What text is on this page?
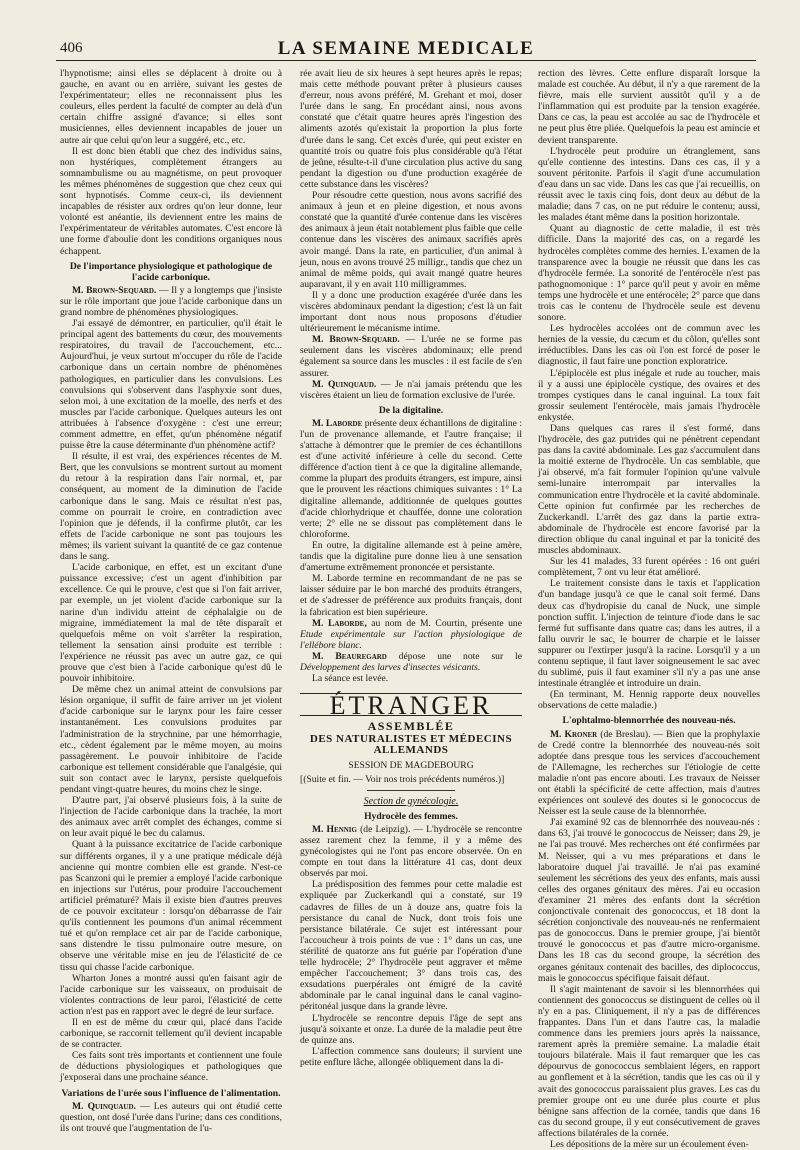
406	LA SEMAINE MEDICALE

l'hypnotisme; ainsi elles se déplacent à droite ou à gauche, en avant ou en arrière, suivant les gestes de l'expérimentateur; elles ne reconnaissent plus les couleurs, elles perdent la faculté de compter au delà d'un certain chiffre assigné d'avance; si elles sont musiciennes, elles deviennent incapables de jouer un autre air que celui qu'on leur a suggéré, etc., etc.

Il est donc bien établi que chez des individus sains, non hystériques, complètement étrangers au somnambulisme ou au magnétisme, on peut provoquer les mêmes phénomènes de suggestion que chez ceux qui sont hypnotisés. Comme ceux-ci, ils deviennent incapables de résister aux ordres qu'on leur donne, leur volonté est anéantie, ils deviennent entre les mains de l'expérimentateur de véritables automates. C'est encore là une forme d'aboulie dont les conditions organiques nous échappent.

De l'importance physiologique et pathologique de l'acide carbonique.

M. Brown-Sequard. — Il y a longtemps que j'insiste sur le rôle important que joue l'acide carbonique dans un grand nombre de phénomènes physiologiques.

J'ai essayé de démontrer, en particulier, qu'il était le principal agent des battements du cœur, des mouvements respiratoires, du travail de l'accouchement, etc... Aujourd'hui, je veux surtout m'occuper du rôle de l'acide carbonique dans un certain nombre de phénomènes pathologiques, en particulier dans les convulsions. Les convulsions qui s'observent dans l'asphyxie sont dues, selon moi, à une excitation de la moelle, des nerfs et des muscles par l'acide carbonique. Quelques auteurs les ont attribuées à l'absence d'oxygène : c'est une erreur; comment admettre, en effet, qu'un phénomène négatif puisse être la cause déterminante d'un phénomène actif?

Il résulte, il est vrai, des expériences récentes de M. Bert, que les convulsions se montrent surtout au moment du retour à la respiration dans l'air normal, et, par conséquent, au moment de la diminution de l'acide carbonique dans le sang. Mais ce résultat n'est pas, comme on pourrait le croire, en contradiction avec l'opinion que je défends, il la confirme plutôt, car les effets de l'acide carbonique ne sont pas toujours les mêmes; ils varient suivant la quantité de ce gaz contenue dans le sang.

L'acide carbonique, en effet, est un excitant d'une puissance excessive; c'est un agent d'inhibition par excellence. Ce qui le prouve, c'est que si l'on fait arriver, par exemple, un jet violent d'acide carbonique sur la narine d'un individu atteint de céphalalgie ou de migraine, immédiatement la mal de tête disparaît et quelquefois même on voit s'arrêter la respiration, tellement la sensation ainsi produite est terrible : l'expérience ne réussit pas avec un autre gaz, ce qui prouve que c'est bien à l'acide carbonique qu'est dû le pouvoir inhibitoire.

De même chez un animal atteint de convulsions par lésion organique, il suffit de faire arriver un jet violent d'acide carbonique sur le larynx pour les faire cesser instantanément. Les convulsions produites par l'administration de la strychnine, par une hémorrhagie, etc., cèdent également par le même moyen, au moins passagèrement. Le pouvoir inhibitoire de l'acide carbonique est tellement considérable que l'analgésie, qui suit son contact avec le larynx, persiste quelquefois pendant vingt-quatre heures, du moins chez le singe.

D'autre part, j'ai observé plusieurs fois, à la suite de l'injection de l'acide carbonique dans la trachée, la mort des animaux avec arrêt complet des échanges, comme si on leur avait piqué le bec du calamus.

Quant à la puissance excitatrice de l'acide carbonique sur différents organes, il y a une pratique médicale déjà ancienne qui montre combien elle est grande. N'est-ce pas Scanzoni qui le premier a employé l'acide carbonique en injections sur l'utérus, pour produire l'accouchement artificiel prématuré? Mais il existe bien d'autres preuves de ce pouvoir excitateur : lorsqu'on débarrasse de l'air qu'ils contiennent les poumons d'un animal récemment tué et qu'on remplace cet air par de l'acide carbonique, sans distendre le tissu pulmonaire outre mesure, on observe une véritable mise en jeu de l'élasticité de ce tissu qui chasse l'acide carbonique.

Wharton Jones a montré aussi qu'en faisant agir de l'acide carbonique sur les vaisseaux, on produisait de violentes contractions de leur paroi, l'élasticité de cette action n'est pas en rapport avec le degré de leur surface.

Il en est de même du cœur qui, placé dans l'acide carbonique, se raccornit tellement qu'il devient incapable de se contracter.

Ces faits sont très importants et contiennent une foule de déductions physiologiques et pathologiques que j'exposerai dans une prochaine séance.

Variations de l'urée sous l'influence de l'alimentation.

M. Quinquaud. — Les auteurs qui ont étudié cette question, ont dosé l'urée dans l'urine; dans ces conditions, ils ont trouvé que l'augmentation de l'u-

rée avait lieu de six heures à sept heures après le repas; mais cette méthode pouvant prêter à plusieurs causes d'erreur, nous avons préféré, M. Grehant et moi, doser l'urée dans le sang. En procédant ainsi, nous avons constaté que c'était quatre heures après l'ingestion des aliments azotés qu'existait la proportion la plus forte d'urée dans le sang. Cet excès d'urée, qui peut exister en quantité trois ou quatre fois plus considérable qu'à l'état de jeûne, résulte-t-il d'une circulation plus active du sang pendant la digestion ou d'une production exagérée de cette substance dans les viscères?

Pour résoudre cette question, nous avons sacrifié des animaux à jeun et en pleine digestion, et nous avons constaté que la quantité d'urée contenue dans les viscères des animaux à jeun était notablement plus faible que celle contenue dans les viscères des animaux sacrifiés après avoir mangé. Dans la rate, en particulier, d'un animal à jeun, nous en avons trouvé 25 milligr., tandis que chez un animal de même poids, qui avait mangé quatre heures auparavant, il y en avait 110 milligrammes.

Il y a donc une production exagérée d'urée dans les viscères abdominaux pendant la digestion; c'est là un fait important dont nous nous proposons d'étudier ultérieurement le mécanisme intime.

M. Brown-Sequard. — L'urée ne se forme pas seulement dans les viscères abdominaux; elle prend également sa source dans les muscles : il est facile de s'en assurer.

M. Quinquaud. — Je n'ai jamais prétendu que les viscères étaient un lieu de formation exclusive de l'urée.

De la digitaline.

M. Laborde présente deux échantillons de digitaline : l'un de provenance allemande, et l'autre française; il s'attache à démontrer que le premier de ces échantillons est d'une activité inférieure à celle du second. Cette différence d'action tient à ce que la digitaline allemande, comme la plupart des produits étrangers, est impure, ainsi que le prouvent les réactions chimiques suivantes : 1° La digitaline allemande, additionnée de quelques gouttes d'acide chlorhydrique et chauffée, donne une coloration verte; 2° elle ne se dissout pas complètement dans le chloroforme.

En outre, la digitaline allemande est à peine amère, tandis que la digitaline pure donne lieu à une sensation d'amertume extrêmement prononcée et persistante.

M. Laborde termine en recommandant de ne pas se laisser séduire par le bon marché des produits étrangers, et de s'adresser de préférence aux produits français, dont la fabrication est bien supérieure.

M. Laborde, au nom de M. Courtin, présente une Etude expérimentale sur l'action physiologique de l'ellébore blanc.

M. Beauregard dépose une note sur le Développement des larves d'insectes vésicants.

La séance est levée.

ÉTRANGER
ASSEMBLÉE
DES NATURALISTES ET MÉDECINS ALLEMANDS
SESSION DE MAGDEBOURG

[(Suite et fin. — Voir nos trois précédents numéros.)]

Section de gynécologie.
Hydrocèle des femmes.

M. Hennig (de Leipzig). — L'hydrocèle se rencontre assez rarement chez la femme, il y a même des gynécologistes qui ne l'ont pas encore observée. On en compte en tout dans la littérature 41 cas, dont deux observés par moi.

La prédisposition des femmes pour cette maladie est expliquée par Zuckerkandl qui a constaté, sur 19 cadavres de filles de un à douze ans, quatre fois la persistance du canal de Nuck, dont trois fois une persistance bilatérale. Ce sujet est intéressant pour l'accoucheur à trois points de vue : 1° dans un cas, une stérilité de quatorze ans fut guérie par l'opération d'une telle hydrocèle; 2° l'hydrocèle peut aggraver et même empêcher l'accouchement; 3° dans trois cas, des exsudations puerpérales ont émigré de la cavité abdominale par le canal inguinal dans le canal vagino-péritonéal jusque dans la grande lèvre.

L'hydrocèle se rencontre depuis l'âge de sept ans jusqu'à soixante et onze. La durée de la maladie peut être de quinze ans.

L'affection commence sans douleurs; il survient une petite enflure lâche, allongée obliquement dans la di-

rection des lèvres. Cette enflure disparaît lorsque la malade est couchée. Au début, il n'y a que rarement de la fièvre, mais elle survient aussitôt qu'il y a de l'inflammation qui est produite par la tension exagérée. Dans ce cas, la peau est accolée au sac de l'hydrocèle et ne peut plus être pliée. Quelquefois la peau est amincie et devient transparente.

L'hydrocèle peut produire un étranglement, sans qu'elle contienne des intestins. Dans ces cas, il y a souvent péritonite. Parfois il s'agit d'une accumulation d'eau dans un sac vide. Dans les cas que j'ai recueillis, on réussit avec le taxis cinq fois, dont deux au début de la maladie; dans 7 cas, on ne put réduire le contenu; aussi, les malades étant même dans la position horizontale.

Quant au diagnostic de cette maladie, il est très difficile. Dans la majorité des cas, on a regardé les hydrocèles complètes comme des hernies. L'examen de la transparence avec la bougie ne réussit que dans les cas d'hydrocèle fermée. La sonorité de l'entérocèle n'est pas pathognomonique : 1° parce qu'il peut y avoir en même temps une hydrocèle et une entérocèle; 2° parce que dans trois cas le contenu de l'hydrocèle seule est devenu sonore.

Les hydrocèles accolées ont de commun avec les hernies de la vessie, du cæcum et du côlon, qu'elles sont irréductibles. Dans les cas où l'on est forcé de poser le diagnostic, il faut faire une ponction exploratrice.

L'épiplocèle est plus inégale et rude au toucher, mais il y a aussi une épiplocèle cystique, des ovaires et des trompes cystiques dans le canal inguinal. La toux fait grossir seulement l'entérocèle, mais jamais l'hydrocèle enkystée.

Dans quelques cas rares il s'est formé, dans l'hydrocèle, des gaz putrides qui ne pénètrent cependant pas dans la cavité abdominale. Les gaz s'accumulent dans la moitié externe de l'hydrocèle. Un cas semblable, que j'ai observé, m'a fait formuler l'opinion qu'une valvule semi-lunaire interrompait par intervalles la communication entre l'hydrocèle et la cavité abdominale. Cette opinion fut confirmée par les recherches de Zuckerkandl. L'arrêt des gaz dans la partie extra-abdominale de l'hydrocèle est encore favorisé par la direction oblique du canal inguinal et par la tonicité des muscles abdominaux.

Sur les 41 malades, 33 furent opérées : 16 ont guéri complètement, 7 ont vu leur état amélioré.

Le traitement consiste dans le taxis et l'application d'un bandage jusqu'à ce que le canal soit fermé. Dans deux cas d'hydropisie du canal de Nuck, une simple ponction suffit. L'injection de teinture d'iode dans le sac fermé fut suffisante dans quatre cas; dans les autres, il a fallu ouvrir le sac, le bourrer de charpie et le laisser suppurer ou l'extirper jusqu'à la racine. Lorsqu'il y a un contenu septique, il faut laver soigneusement le sac avec du sublimé, puis il faut examiner s'il n'y a pas une anse intestinale étranglée et introduire un drain.

(En terminant, M. Hennig rapporte deux nouvelles observations de cette maladie.)

L'ophtalmo-blennorrhée des nouveau-nés.

M. Kroner (de Breslau). — Bien que la prophylaxie de Credé contre la blennorrhée des nouveau-nés soit adoptée dans presque tous les services d'accouchement de l'Allemagne, les recherches sur l'étiologie de cette maladie n'ont pas encore abouti. Les travaux de Neisser ont établi la spécificité de cette affection, mais d'autres expériences ont soulevé des doutes si le gonococcus de Neisser est la seule cause de la blennorrhée.

J'ai examiné 92 cas de blennorrhée des nouveau-nés : dans 63, j'ai trouvé le gonococcus de Neisser; dans 29, je ne l'ai pas trouvé. Mes recherches ont été confirmées par M. Neisser, qui a vu mes préparations et dans le laboratoire duquel j'ai travaillé. Je n'ai pas examiné seulement les sécrétions des yeux des enfants, mais aussi celles des organes génitaux des mères. J'ai eu occasion d'examiner 21 mères des enfants dont la sécrétion conjonctivale contenait des gonococcus, et 18 dont la sécrétion conjonctivale des nouveau-nés ne renfermaient pas de gonococcus. Dans le premier groupe, j'ai bientôt trouvé le gonococcus et pas d'autre micro-organisme. Dans les 18 cas du second groupe, la sécrétion des organes génitaux contenait des bacilles, des diplococcus, mais le gonococcus spécifique faisait défaut.

Il s'agit maintenant de savoir si les blennorrhées qui contiennent des gonococcus se distinguent de celles où il n'y en a pas. Cliniquement, il n'y a pas de différences frappantes. Dans l'un et dans l'autre cas, la maladie commence dans les premiers jours après la naissance, rarement après la première semaine. La maladie était toujours bilatérale. Mais il faut remarquer que les cas dépourvus de gonococcus semblaient légers, en rapport au gonflement et à la sécrétion, tandis que les cas où il y avait des gonococcus paraissaient plus graves. Les cas du premier groupe ont eu une durée plus courte et plus bénigne sans affection de la cornée, tandis que dans 16 cas du second groupe, il y eut consécutivement de graves affections bilatérales de la cornée.

Les dépositions de la mère sur un écoulement éven-
